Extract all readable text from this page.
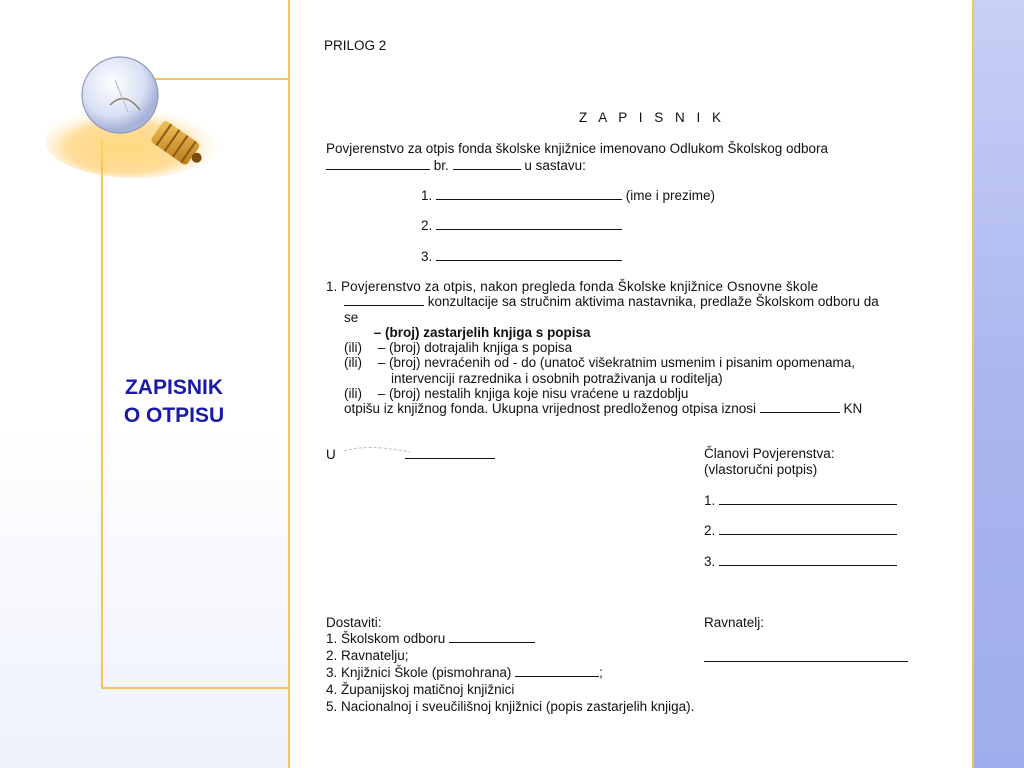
ZAPISNIK
O OTPISU
PRILOG 2
Z A P I S N I K
Povjerenstvo za otpis fonda školske knjižnice imenovano Odlukom Školskog odbora
br.	u sastavu:
1.	(ime i prezime)
2.
3.
1. Povjerenstvo za otpis, nakon pregleda fonda Školske knjižnice Osnovne škole
konzultacije sa stručnim aktivima nastavnika, predlaže Školskom odboru da
se
– (broj) zastarjelih knjiga s popisa
(ili) – (broj) dotrajalih knjiga s popisa
(ili) – (broj) nevraćenih od - do (unatoč višekratnim usmenim i pisanim opomenama,
intervenciji razrednika i osobnih potraživanja u roditelja)
(ili) – (broj) nestalih knjiga koje nisu vraćene u razdoblju
otpišu iz knjižnog fonda. Ukupna vrijednost predloženog otpisa iznosi	KN
U	Članovi Povjerenstva:
(vlastoručni potpis)
1.
2.
3.
Dostaviti:
1. Školskom odboru
2. Ravnatelju;
3. Knjižnici Škole (pismohrana)	;
4. Županijskoj matičnoj knjižnici
5. Nacionalnoj i sveučilišnoj knjižnici (popis zastarjelih knjiga).
Ravnatelj:
